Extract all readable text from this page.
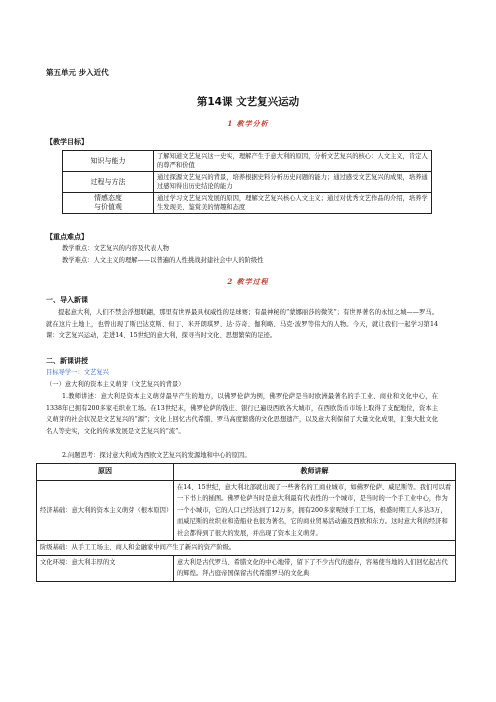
第五单元 步入近代
第14课 文艺复兴运动
1 教学分析
【教学目标】
知识与能力	了解知道文艺复兴这一史实，理解产生于意大利的原因，分析文艺复兴的核心：人文主义，肯定人的尊严和价值
过程与方法	通过探源文艺复兴的背景，培养根据史料分析历史问题的能力；通过感受文艺复兴的成果，培养通过感知得出历史结论的能力
情感态度
与价值观	通过学习文艺复兴发展的原因，理解文艺复兴核心人文主义；通过对优秀文艺作品的介绍，培养学生发现美、鉴赏美的情趣和态度
【重点难点】
教学重点：文艺复兴的内容及代表人物
教学难点：人文主义的理解——以普遍的人性挑战封建社会中人的阶级性
2 教学过程
一、导入新课
提起意大利，人们不禁会浮想联翩，那里有世界最具权威性的足球赛；有最神秘的“蒙娜丽莎的微笑”；有世界著名的永恒之城——罗马。就在这片土地上，也曾出现了斯巴达克斯、但丁、米开朗琪罗、达·芬奇、伽利略、马克·波罗等伟大的人物。今天，就让我们一起学习第14课：文艺复兴运动，走进14、15世纪的意大利，探寻当时文化、思想繁荣的足迹。
二、新课讲授
目标导学一：文艺复兴
（一）意大利的资本主义萌芽（文艺复兴的背景）
1.教师讲述：意大利是资本主义萌芽最早产生的地方，以佛罗伦萨为例，佛罗伦萨是当时欧洲最著名的手工业、商业和文化中心，在1338年已拥有200多家毛织业工场。在13世纪末，佛罗伦萨的钱庄、银行已遍设西欧各大城市，在西欧货币市场上取得了支配地位，资本主义萌芽的社会状况是文艺复兴的“源”；文化上回忆古代希腊、罗马高度繁盛的文化思想遗产，以及意大利保留了大量文化成果，汇集大批文化名人等史实，文化的传承发展是文艺复兴的“流”。
2.问题思考：探讨意大利成为西欧文艺复兴的发源地和中心的原因。
原因	教师讲解
经济基础：意大利的资本主义萌芽（根本原因）	在14、15世纪，意大利北部就出现了一些著名的工商业城市，如佛罗伦萨、威尼斯等。我们可以看一下书上的插图。佛罗伦萨当时是意大利最有代表性的一个城市，是当时的一个手工业中心，作为一个小城市，它的人口已经达到了12万多，拥有200多家呢绒手工工场，极盛时期工人多达3万，而威尼斯的丝织业和造船业也很为著名，它的商业贸易活动遍及西欧和东方。这时意大利的经济和社会都得到了很大的发展，并出现了资本主义萌芽。
阶级基础：从手工工场主、商人和金融家中间产生了新兴的资产阶级。	
文化环境：意大利丰厚的文	意大利是古代罗马、希腊文化的中心地带，留下了不少古代的遗存，容易使当地的人们回忆起古代的辉煌。拜占庭帝国保留古代希腊罗马的文化典
